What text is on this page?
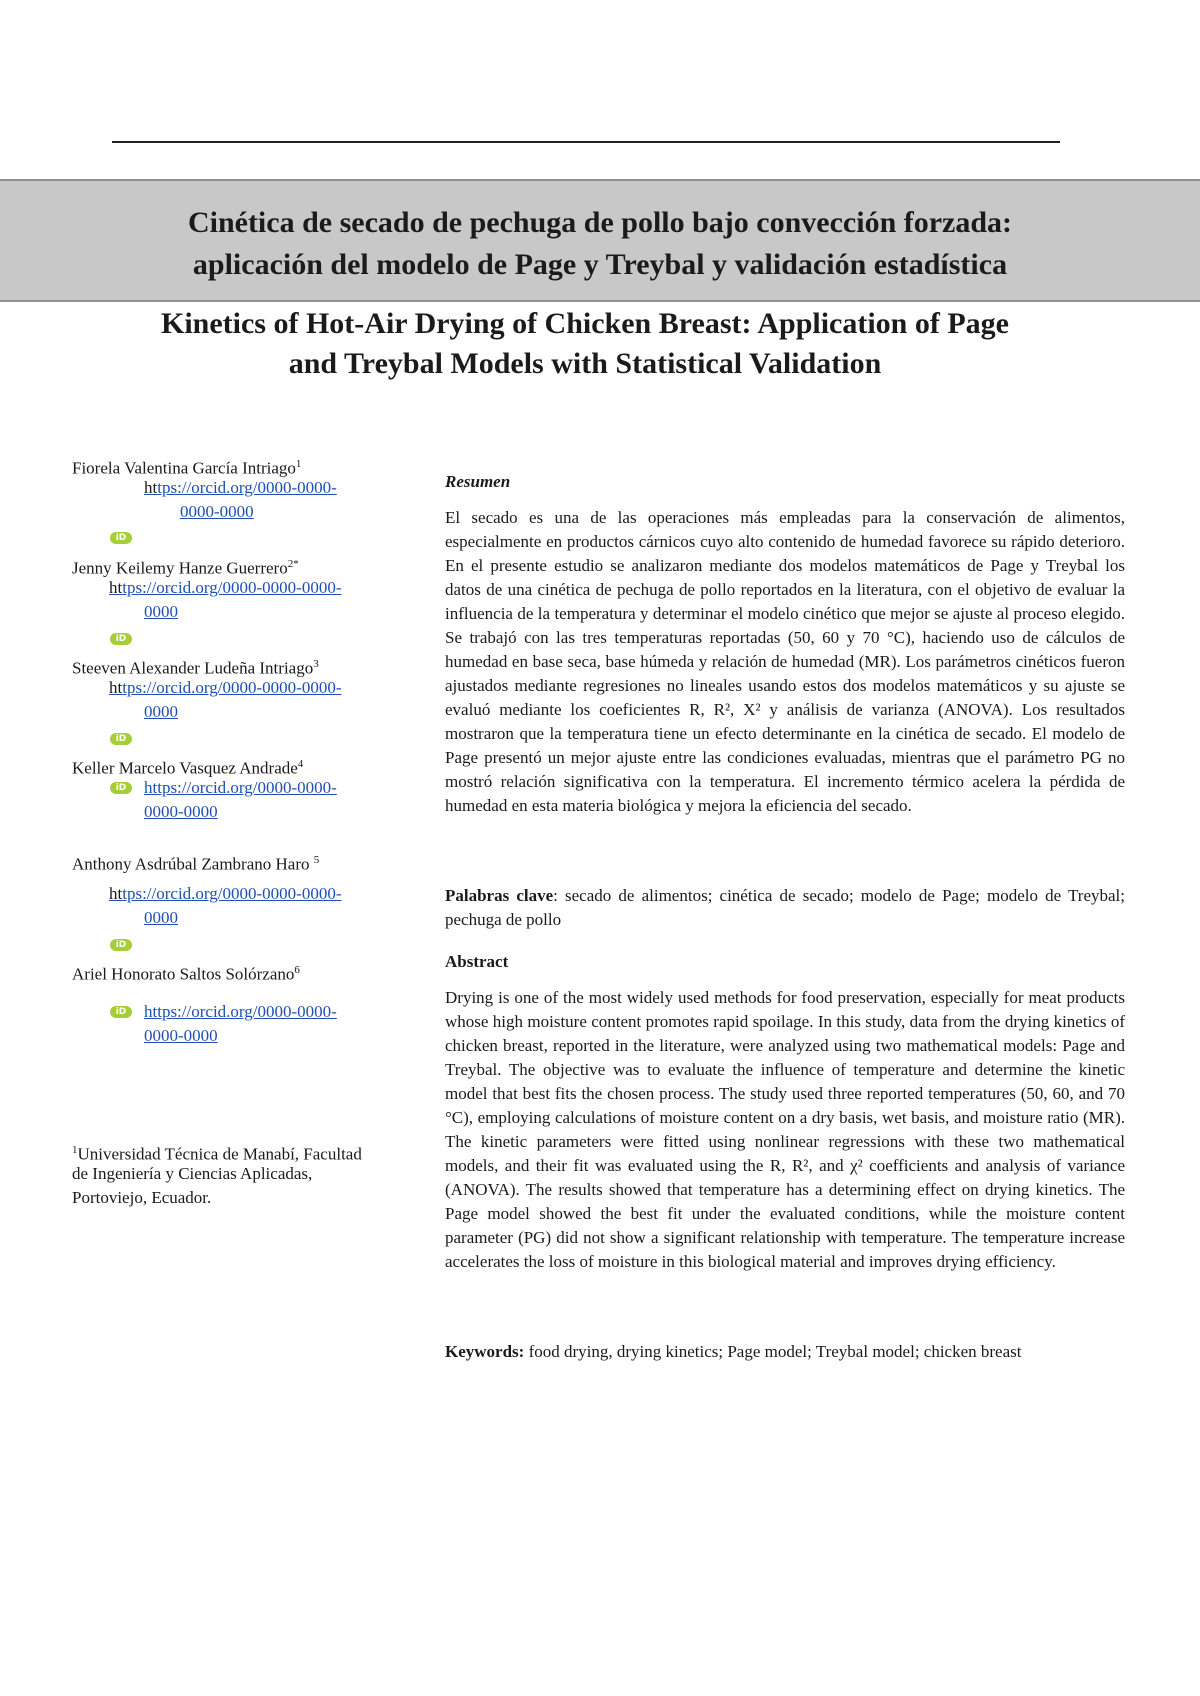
Cinética de secado de pechuga de pollo bajo convección forzada:
aplicación del modelo de Page y Treybal y validación estadística
Kinetics of Hot-Air Drying of Chicken Breast: Application of Page
and Treybal Models with Statistical Validation
Fiorela Valentina García Intriago$^1$
https://orcid.org/0000-0000-
0000-0000
iD
Jenny Keilemy Hanze Guerrero$^{2*}$
https://orcid.org/0000-0000-0000-
0000
iD
Steeven Alexander Ludeña Intriago$^3$
https://orcid.org/0000-0000-0000-
0000
iD
Keller Marcelo Vasquez Andrade$^4$
iD	https://orcid.org/0000-0000-
0000-0000
Anthony Asdrúbal Zambrano Haro $^5$
https://orcid.org/0000-0000-0000-
0000
iD
Ariel Honorato Saltos Solórzano$^6$
iD	https://orcid.org/0000-0000-
0000-0000
$^1$Universidad Técnica de Manabí, Facultad
de Ingeniería y Ciencias Aplicadas,
Portoviejo, Ecuador.
Resumen
El secado es una de las operaciones más empleadas para la conservación de alimentos, especialmente en productos cárnicos cuyo alto contenido de humedad favorece su rápido deterioro. En el presente estudio se analizaron mediante dos modelos matemáticos de Page y Treybal los datos de una cinética de pechuga de pollo reportados en la literatura, con el objetivo de evaluar la influencia de la temperatura y determinar el modelo cinético que mejor se ajuste al proceso elegido. Se trabajó con las tres temperaturas reportadas (50, 60 y 70 °C), haciendo uso de cálculos de humedad en base seca, base húmeda y relación de humedad (MR). Los parámetros cinéticos fueron ajustados mediante regresiones no lineales usando estos dos modelos matemáticos y su ajuste se evaluó mediante los coeficientes R, R², X² y análisis de varianza (ANOVA). Los resultados mostraron que la temperatura tiene un efecto determinante en la cinética de secado. El modelo de Page presentó un mejor ajuste entre las condiciones evaluadas, mientras que el parámetro PG no mostró relación significativa con la temperatura. El incremento térmico acelera la pérdida de humedad en esta materia biológica y mejora la eficiencia del secado.
Palabras clave: secado de alimentos; cinética de secado; modelo de Page; modelo de Treybal; pechuga de pollo
Abstract
Drying is one of the most widely used methods for food preservation, especially for meat products whose high moisture content promotes rapid spoilage. In this study, data from the drying kinetics of chicken breast, reported in the literature, were analyzed using two mathematical models: Page and Treybal. The objective was to evaluate the influence of temperature and determine the kinetic model that best fits the chosen process. The study used three reported temperatures (50, 60, and 70 °C), employing calculations of moisture content on a dry basis, wet basis, and moisture ratio (MR). The kinetic parameters were fitted using nonlinear regressions with these two mathematical models, and their fit was evaluated using the R, R², and χ² coefficients and analysis of variance (ANOVA). The results showed that temperature has a determining effect on drying kinetics. The Page model showed the best fit under the evaluated conditions, while the moisture content parameter (PG) did not show a significant relationship with temperature. The temperature increase accelerates the loss of moisture in this biological material and improves drying efficiency.
Keywords: food drying, drying kinetics; Page model; Treybal model; chicken breast
